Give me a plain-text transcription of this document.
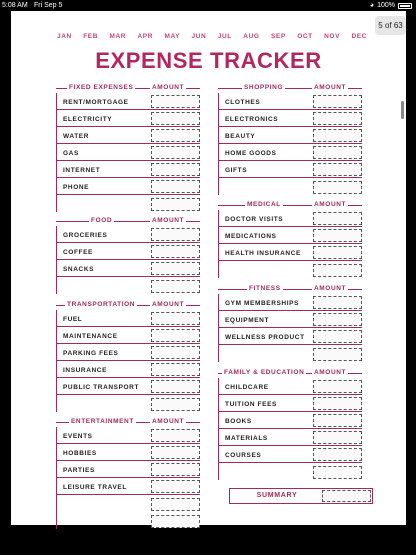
5:08 AM Fri Sep 5	◕ 100%
5 of 63
JAN FEB MAR APR MAY JUN JUL AUG SEP OCT NOV DEC
EXPENSE TRACKER
SUMMARY
FIXED EXPENSES	AMOUNT
RENT/MORTGAGE
ELECTRICITY
WATER
GAS
INTERNET
PHONE
FOOD	AMOUNT
GROCERIES
COFFEE
SNACKS
TRANSPORTATION	AMOUNT
FUEL
MAINTENANCE
PARKING FEES
INSURANCE
PUBLIC TRANSPORT
ENTERTAINMENT	AMOUNT
EVENTS
HOBBIES
PARTIES
LEISURE TRAVEL
SHOPPING	AMOUNT
CLOTHES
ELECTRONICS
BEAUTY
HOME GOODS
GIFTS
MEDICAL	AMOUNT
DOCTOR VISITS
MEDICATIONS
HEALTH INSURANCE
FITNESS	AMOUNT
GYM MEMBERSHIPS
EQUIPMENT
WELLNESS PRODUCT
FAMILY & EDUCATION	AMOUNT
CHILDCARE
TUITION FEES
BOOKS
MATERIALS
COURSES
